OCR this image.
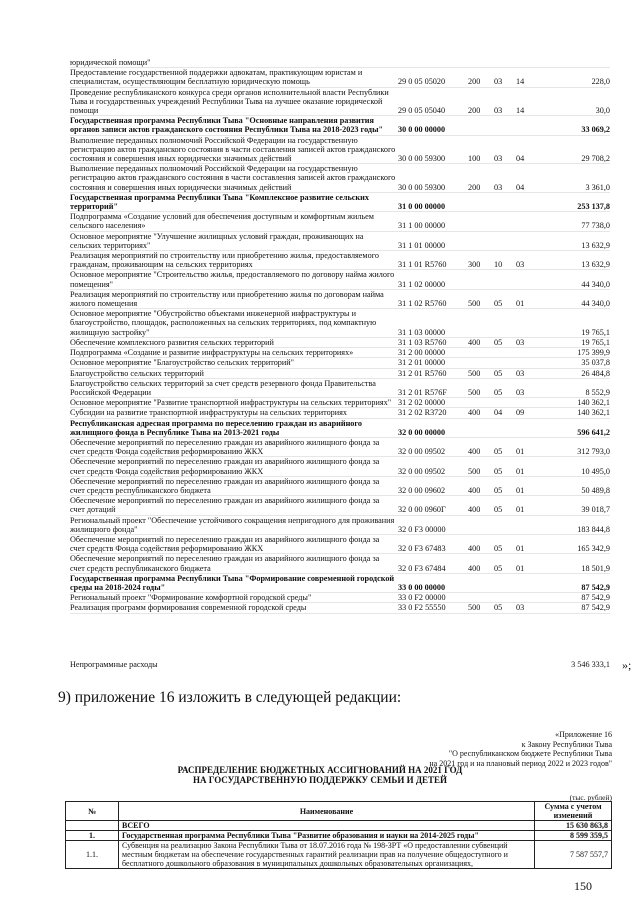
юридической помощи"
Предоставление государственной поддержки адвокатам, практикующим юристам и специалистам, осуществляющим бесплатную юридическую помощь	29 0 05 05020	200 03 14	228,0
Проведение республиканского конкурса среди органов исполнительной власти Республики Тыва и государственных учреждений Республики Тыва на лучшее оказание юридической помощи	29 0 05 05040	200 03 14	30,0
Государственная программа Республики Тыва "Основные направления развития органов записи актов гражданского состояния Республики Тыва на 2018-2023 годы" 30 0 00 00000	33 069,2
Выполнение переданных полномочий Российской Федерации на государственную регистрацию актов гражданского состояния в части составления записей актов гражданского состояния и совершения иных юридически значимых действий	30 0 00 59300	100 03 04	29 708,2
Выполнение переданных полномочий Российской Федерации на государственную регистрацию актов гражданского состояния в части составления записей актов гражданского состояния и совершения иных юридически значимых действий	30 0 00 59300	200 03 04	3 361,0
Государственная программа Республики Тыва "Комплексное развитие сельских территорий"	31 0 00 00000	253 137,8
Подпрограмма «Создание условий для обеспечения доступным и комфортным жильем сельского населения»	31 1 00 00000	77 738,0
Основное мероприятие "Улучшение жилищных условий граждан, проживающих на сельских территориях"	31 1 01 00000	13 632,9
Реализация мероприятий по строительству или приобретению жилья, предоставляемого гражданам, проживающим на сельских территориях	31 1 01 R5760	300 10 03	13 632,9
Основное мероприятие "Строительство жилья, предоставляемого по договору найма жилого помещения"	31 1 02 00000	44 340,0
Реализация мероприятий по строительству или приобретению жилья по договорам найма жилого помещения	31 1 02 R5760	500 05 01	44 340,0
Основное мероприятие "Обустройство объектами инженерной инфраструктуры и благоустройство, площадок, расположенных на сельских территориях, под компактную жилищную застройку"	31 1 03 00000	19 765,1
Обеспечение комплексного развития сельских территорий	31 1 03 R5760	400 05 03	19 765,1
Подпрограмма «Создание и развитие инфраструктуры на сельских территориях»	31 2 00 00000	175 399,9
Основное мероприятие "Благоустройство сельских территорий"	31 2 01 00000	35 037,8
Благоустройство сельских территорий	31 2 01 R5760	500 05 03	26 484,8
Благоустройство сельских территорий за счет средств резервного фонда Правительства Российской Федерации	31 2 01 R576F	500 05 03	8 552,9
Основное мероприятие "Развитие транспортной инфраструктуры на сельских территориях" 31 2 02 00000	140 362,1
Субсидии на развитие транспортной инфраструктуры на сельских территориях	31 2 02 R3720	400 04 09	140 362,1
Республиканская адресная программа по переселению граждан из аварийного жилищного фонда в Республике Тыва на 2013-2021 годы	32 0 00 00000	596 641,2
Обеспечение мероприятий по переселению граждан из аварийного жилищного фонда за счет средств Фонда содействия реформированию ЖКХ	32 0 00 09502	400 05 01	312 793,0
Обеспечение мероприятий по переселению граждан из аварийного жилищного фонда за счет средств Фонда содействия реформированию ЖКХ	32 0 00 09502	500 05 01	10 495,0
Обеспечение мероприятий по переселению граждан из аварийного жилищного фонда за счет средств республиканского бюджета	32 0 00 09602	400 05 01	50 489,8
Обеспечение мероприятий по переселению граждан из аварийного жилищного фонда за счет дотаций	32 0 00 0960Г	400 05 01	39 018,7
Региональный проект "Обеспечение устойчивого сокращения непригодного для проживания жилищного фонда"	32 0 F3 00000	183 844,8
Обеспечение мероприятий по переселению граждан из аварийного жилищного фонда за счет средств Фонда содействия реформированию ЖКХ	32 0 F3 67483	400 05 01	165 342,9
Обеспечение мероприятий по переселению граждан из аварийного жилищного фонда за счет средств республиканского бюджета	32 0 F3 67484	400 05 01	18 501,9
Государственная программа Республики Тыва "Формирование современной городской среды на 2018-2024 годы"	33 0 00 00000	87 542,9
Региональный проект "Формирование комфортной городской среды"	33 0 F2 00000	87 542,9
Реализация программ формирования современной городской среды	33 0 F2 55550	500 05 03	87 542,9
Непрограммные расходы	3 546 333,1 »;
9) приложение 16 изложить в следующей редакции:
«Приложение 16
к Закону Республики Тыва
"О республиканском бюджете Республики Тыва
на 2021 год и на плановый период 2022 и 2023 годов"
РАСПРЕДЕЛЕНИЕ БЮДЖЕТНЫХ АССИГНОВАНИЙ НА 2021 ГОД
НА ГОСУДАРСТВЕННУЮ ПОДДЕРЖКУ СЕМЬИ И ДЕТЕЙ
(тыс. рублей)
№	Наименование	Сумма с учетом изменений
	ВСЕГО	15 630 863,8
1.	Государственная программа Республики Тыва "Развитие образования и науки на 2014-2025 годы"	8 599 359,5
1.1.	Субвенция на реализацию Закона Республики Тыва от 18.07.2016 года № 198-ЗРТ «О предоставлении субвенций местным бюджетам на обеспечение государственных гарантий реализации прав на получение общедоступного и бесплатного дошкольного образования в муниципальных дошкольных образовательных организациях,	7 587 557,7
150
